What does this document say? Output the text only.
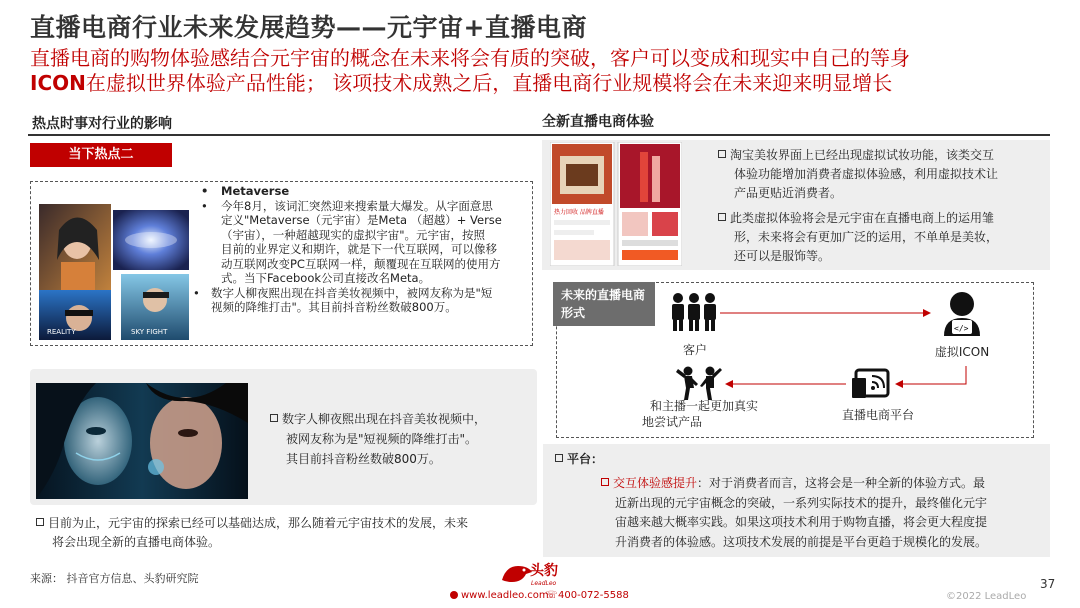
直播电商行业未来发展趋势——元宇宙+直播电商
直播电商的购物体验感结合元宇宙的概念在未来将会有质的突破，客户可以变成和现实中自己的等身
ICON在虚拟世界体验产品性能； 该项技术成熟之后，直播电商行业规模将会在未来迎来明显增长
热点时事对行业的影响
当下热点二
REALITY	SKY FIGHT
• Metaverse
• 今年8月，该词汇突然迎来搜索量大爆发。从字面意思
定义"Metaverse（元宇宙）是Meta （超越）+ Verse
（宇宙），一种超越现实的虚拟宇宙"。元宇宙，按照
目前的业界定义和期许，就是下一代互联网，可以像移
动互联网改变PC互联网一样，颠覆现在互联网的使用方
式。当下Facebook公司直接改名Meta。
• 数字人柳夜熙出现在抖音美妆视频中，被网友称为是"短
视频的降维打击"。其目前抖音粉丝数破800万。
数字人柳夜熙出现在抖音美妆视频中，
被网友称为是"短视频的降维打击"。
其目前抖音粉丝数破800万。
目前为止，元宇宙的探索已经可以基础达成，那么随着元宇宙技术的发展，未来
将会出现全新的直播电商体验。
全新直播电商体验
热力回收 品牌直播
淘宝美妆界面上已经出现虚拟试妆功能，该类交互
体验功能增加消费者虚拟体验感，利用虚拟技术让
产品更贴近消费者。
此类虚拟体验将会是元宇宙在直播电商上的运用雏
形，未来将会有更加广泛的运用，不单单是美妆，
还可以是服饰等。
未来的直播电商形式
客户
</>
虚拟ICON
直播电商平台
和主播一起更加真实
地尝试产品
平台：
交互体验感提升：对于消费者而言，这将会是一种全新的体验方式。最
近新出现的元宇宙概念的突破，一系列实际技术的提升，最终催化元宇
宙越来越大概率实践。如果这项技术利用于购物直播，将会更大程度提
升消费者的体验感。这项技术发展的前提是平台更趋于规模化的发展。
来源： 抖音官方信息、头豹研究院	头豹
LeadLeo
www.leadleo.com
☏ 400-072-5588	©2022 LeadLeo
37
